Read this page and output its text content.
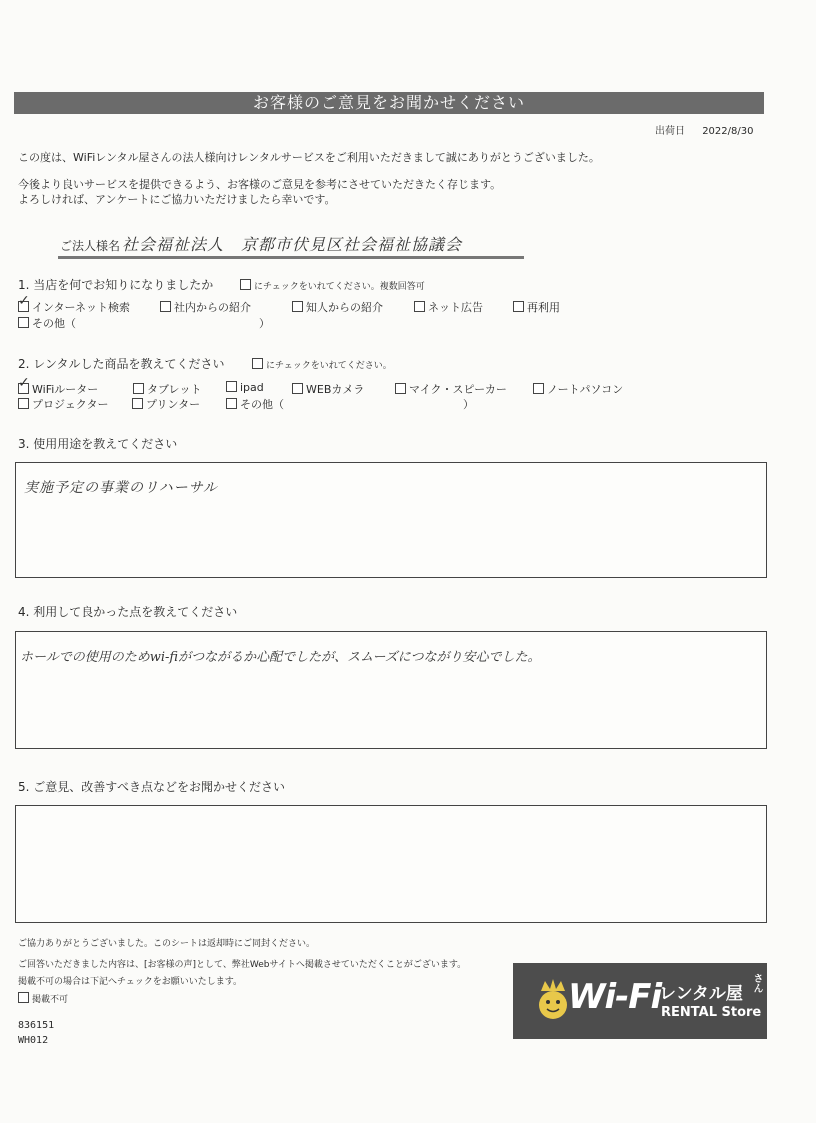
お客様のご意見をお聞かせください
出荷日 2022/8/30
この度は、WiFiレンタル屋さんの法人様向けレンタルサービスをご利用いただきまして誠にありがとうございました。
今後より良いサービスを提供できるよう、お客様のご意見を参考にさせていただきたく存じます。
よろしければ、アンケートにご協力いただけましたら幸いです。
ご法人様名 社会福祉法人　京都市伏見区社会福祉協議会
1. 当店を何でお知りになりましたか	にチェックをいれてください。複数回答可
✓インターネット検索	社内からの紹介	知人からの紹介	ネット広告	再利用
その他（	）
2. レンタルした商品を教えてください	にチェックをいれてください。
✓WiFiルーター	タブレット	ipad	WEBカメラ	マイク・スピーカー	ノートパソコン
プロジェクター	プリンター	その他（	）
3. 使用用途を教えてください
実施予定の事業のリハーサル
4. 利用して良かった点を教えてください
ホールでの使用のためwi-fiがつながるか心配でしたが、スムーズにつながり安心でした。
5. ご意見、改善すべき点などをお聞かせください
ご協力ありがとうございました。このシートは返却時にご同封ください。
ご回答いただきました内容は、[お客様の声]として、弊社Webサイトへ掲載させていただくことがございます。
掲載不可の場合は下記へチェックをお願いいたします。
掲載不可
836151
WH012
Wi-Fi
レンタル屋
さん
RENTAL Store
